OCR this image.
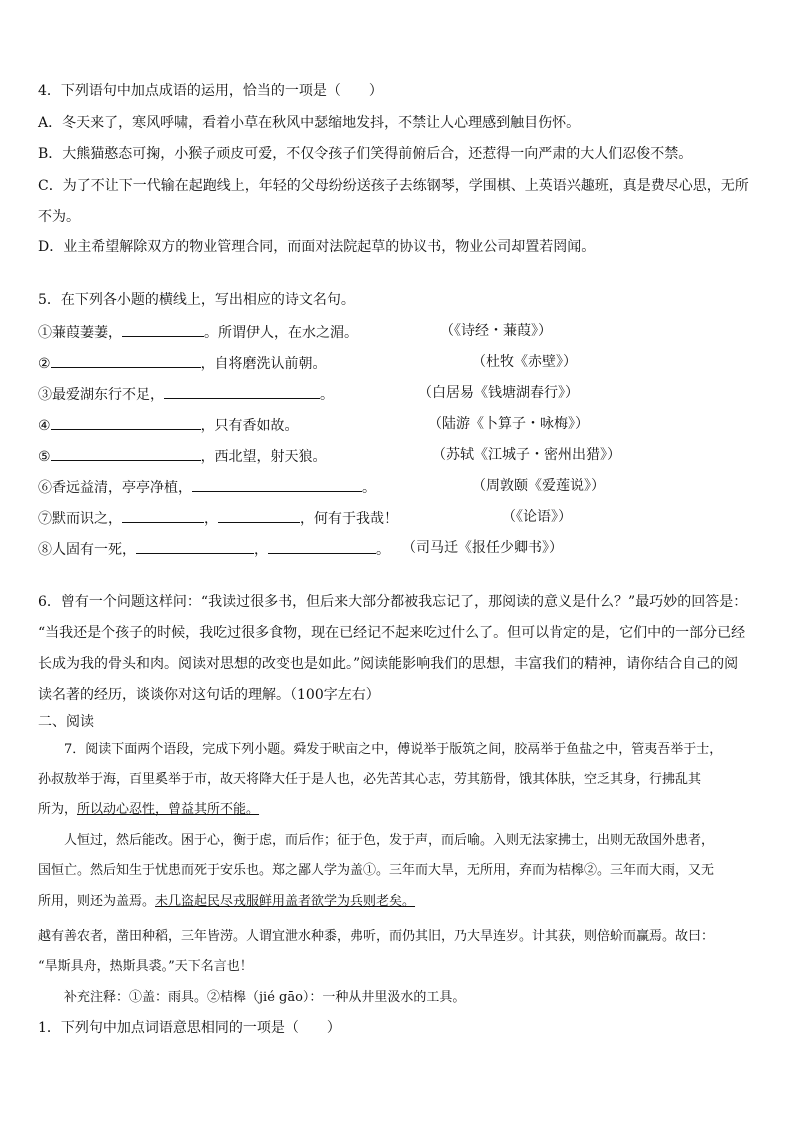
4．下列语句中加点成语的运用，恰当的一项是（　　）
A．冬天来了，寒风呼啸，看着小草在秋风中瑟缩地发抖，不禁让人心理感到触目伤怀。
B．大熊猫憨态可掬，小猴子顽皮可爱，不仅令孩子们笑得前俯后合，还惹得一向严肃的大人们忍俊不禁。
C．为了不让下一代输在起跑线上，年轻的父母纷纷送孩子去练钢琴，学围棋、上英语兴趣班，真是费尽心思，无所
不为。
D．业主希望解除双方的物业管理合同，而面对法院起草的协议书，物业公司却置若罔闻。
5．在下列各小题的横线上，写出相应的诗文名句。
①蒹葭萋萋，	。所谓伊人，在水之湄。	（《诗经・蒹葭》）
②	，自将磨洗认前朝。	（杜牧《赤壁》）
③最爱湖东行不足，	。	（白居易《钱塘湖春行》）
④	，只有香如故。	（陆游《卜算子・咏梅》）
⑤	，西北望，射天狼。	（苏轼《江城子・密州出猎》）
⑥香远益清，亭亭净植，	。	（周敦颐《爱莲说》）
⑦默而识之，	，	，何有于我哉！	（《论语》）
⑧人固有一死，	，	。 （司马迁《报任少卿书》）
6．曾有一个问题这样问：“我读过很多书，但后来大部分都被我忘记了，那阅读的意义是什么？”最巧妙的回答是：
“当我还是个孩子的时候，我吃过很多食物，现在已经记不起来吃过什么了。但可以肯定的是，它们中的一部分已经
长成为我的骨头和肉。阅读对思想的改变也是如此。”阅读能影响我们的思想，丰富我们的精神，请你结合自己的阅
读名著的经历，谈谈你对这句话的理解。（100字左右）
二、阅读
7．阅读下面两个语段，完成下列小题。舜发于畎亩之中，傅说举于版筑之间，胶鬲举于鱼盐之中，管夷吾举于士，
孙叔敖举于海，百里奚举于市，故天将降大任于是人也，必先苦其心志，劳其筋骨，饿其体肤，空乏其身，行拂乱其
所为，所以动心忍性，曾益其所不能。
人恒过，然后能改。困于心，衡于虑，而后作；征于色，发于声，而后喻。入则无法家拂士，出则无敌国外患者，
国恒亡。然后知生于忧患而死于安乐也。郑之鄙人学为盖①。三年而大旱，无所用，弃而为桔槔②。三年而大雨，又无
所用，则还为盖焉。未几盗起民尽戎服鲜用盖者欲学为兵则老矣。
越有善农者，凿田种稻，三年皆涝。人谓宜泄水种黍，弗听，而仍其旧，乃大旱连岁。计其获，则倍蚧而赢焉。故曰：
“旱斯具舟，热斯具裘。”天下名言也！
补充注释：①盖：雨具。②桔槔（jié gāo）：一种从井里汲水的工具。
1．下列句中加点词语意思相同的一项是（　　）
